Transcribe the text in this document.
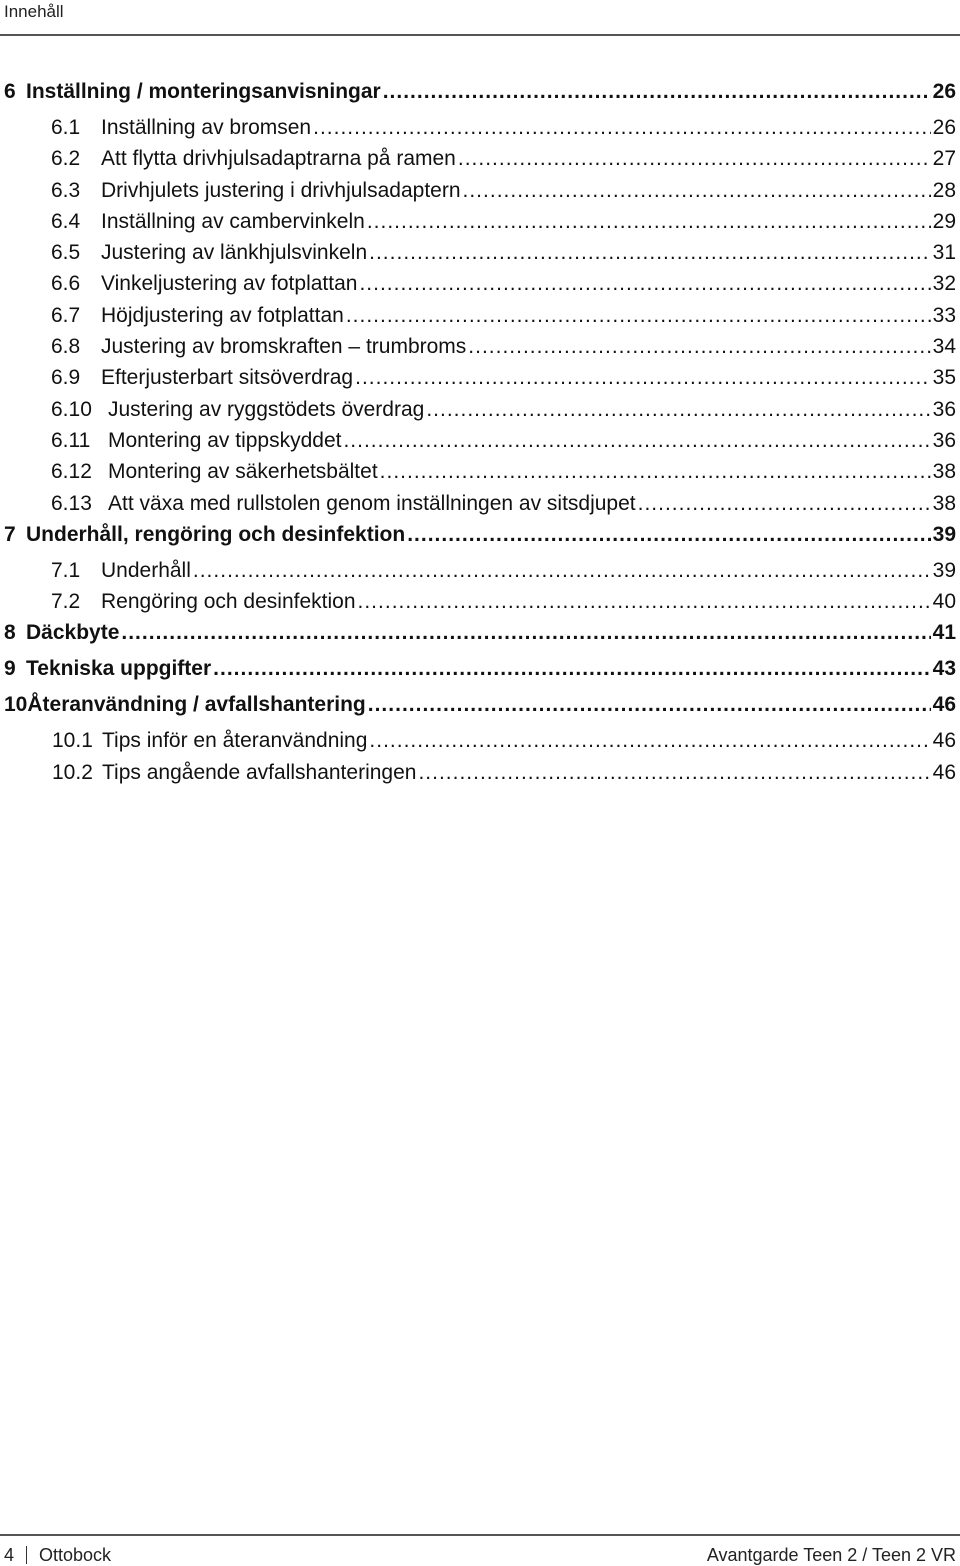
Innehåll
6 Inställning / monteringsanvisningar .....	26
6.1 Inställning av bromsen .....	26
6.2 Att flytta drivhjulsadaptrarna på ramen .....	27
6.3 Drivhjulets justering i drivhjulsadaptern .....	28
6.4 Inställning av cambervinkeln .....	29
6.5 Justering av länkhjulsvinkeln .....	31
6.6 Vinkeljustering av fotplattan .....	32
6.7 Höjdjustering av fotplattan .....	33
6.8 Justering av bromskraften – trumbroms .....	34
6.9 Efterjusterbart sitsöverdrag .....	35
6.10 Justering av ryggstödets överdrag .....	36
6.11 Montering av tippskyddet .....	36
6.12 Montering av säkerhetsbältet .....	38
6.13 Att växa med rullstolen genom inställningen av sitsdjupet .....	38
7 Underhåll, rengöring och desinfektion .....	39
7.1 Underhåll .....	39
7.2 Rengöring och desinfektion .....	40
8 Däckbyte .....	41
9 Tekniska uppgifter .....	43
10 Återanvändning / avfallshantering .....	46
10.1 Tips inför en återanvändning .....	46
10.2 Tips angående avfallshanteringen .....	46
4 Ottobock	Avantgarde Teen 2 / Teen 2 VR
